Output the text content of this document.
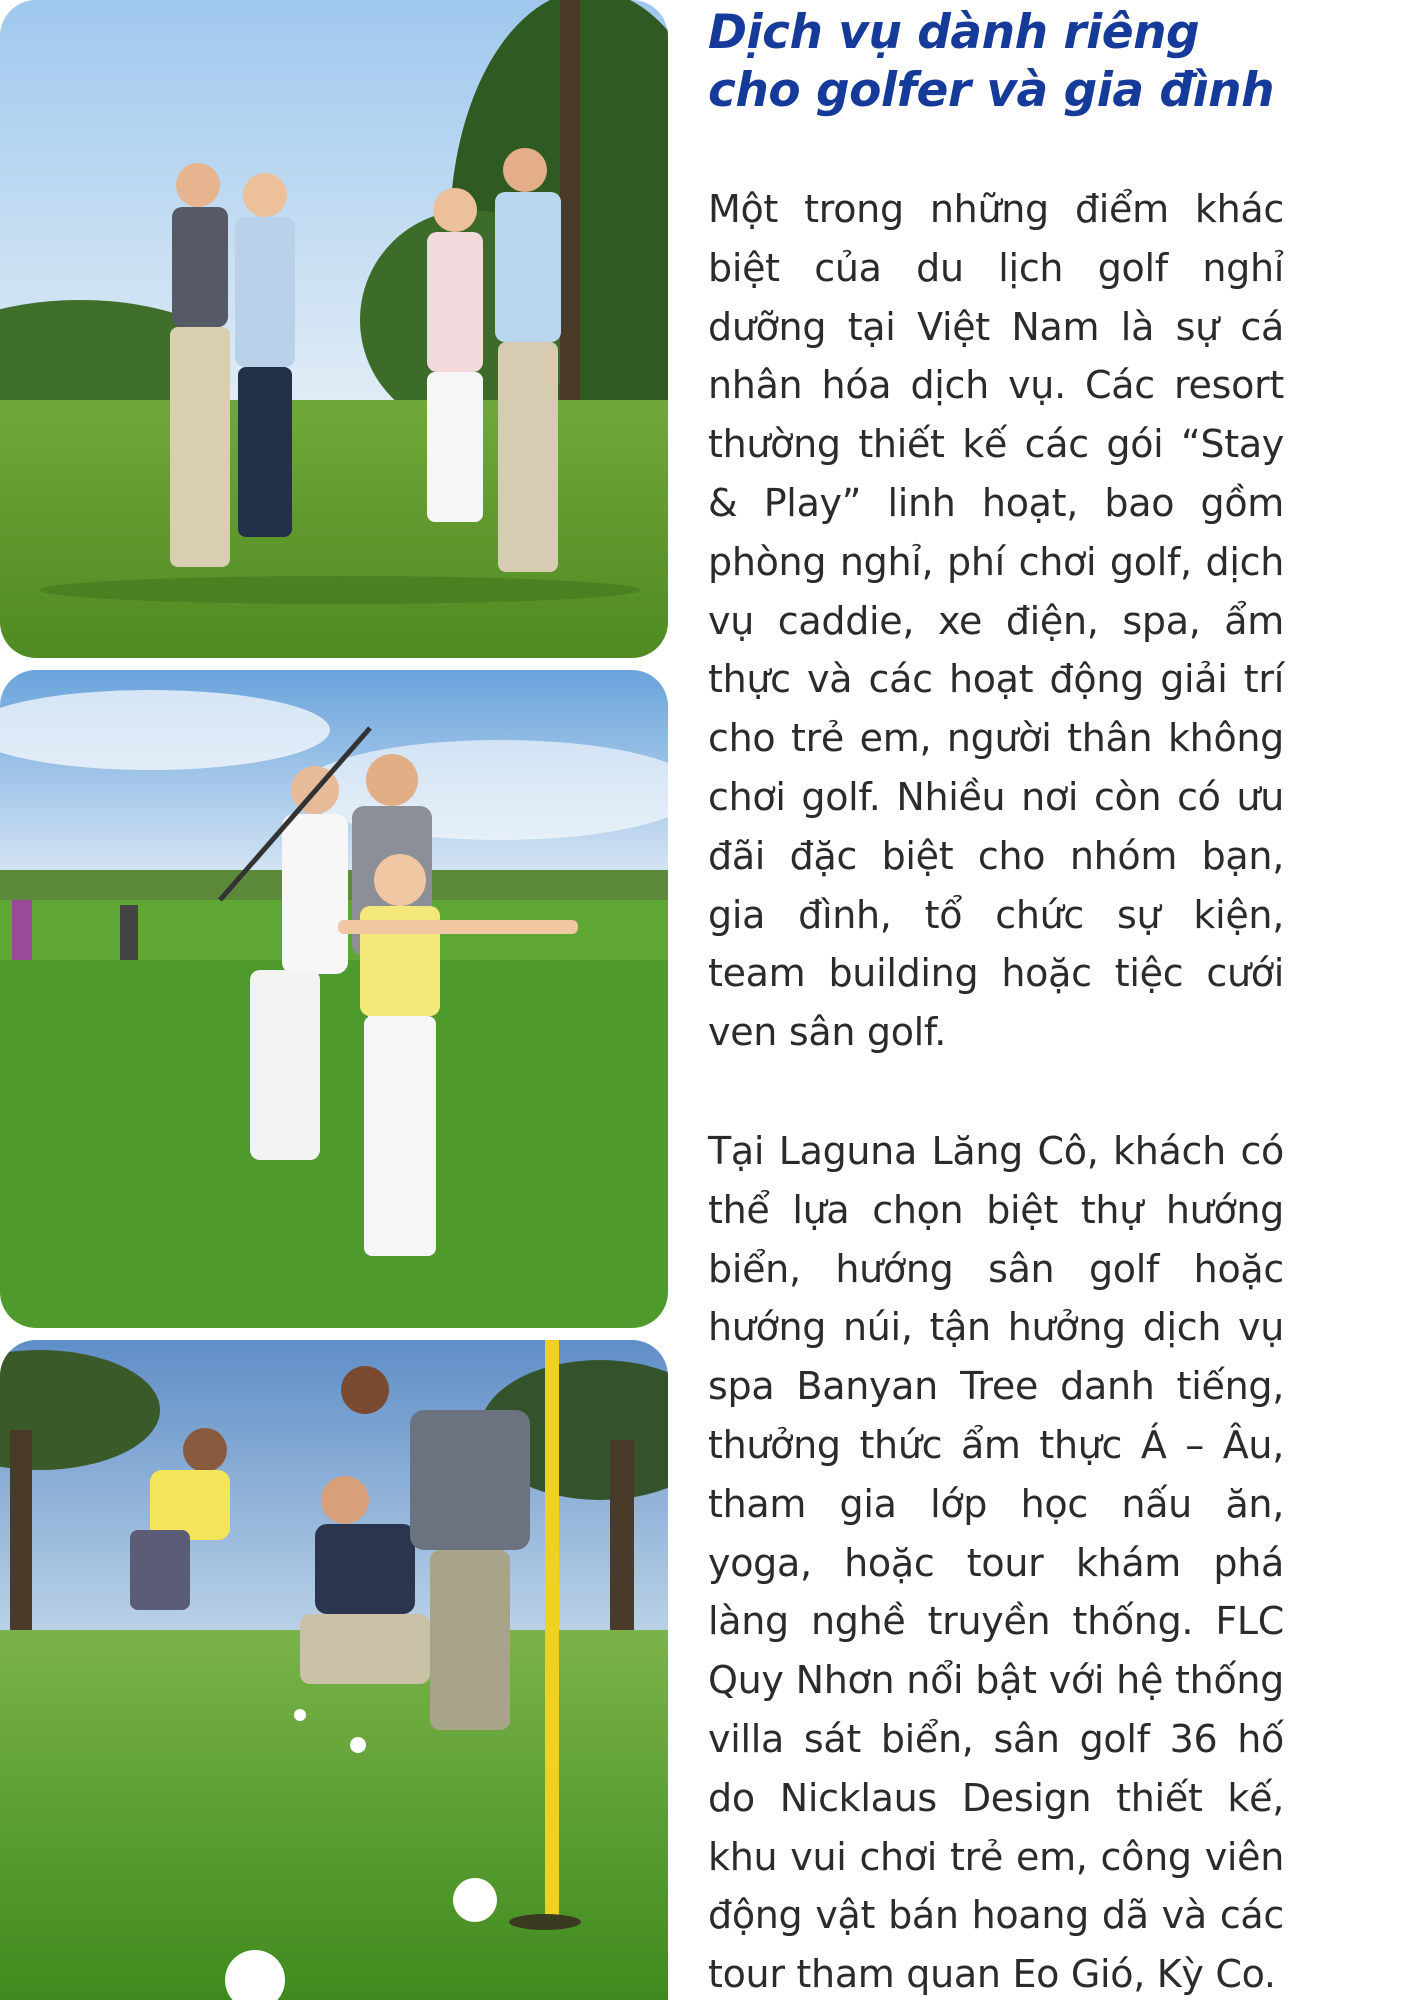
Dịch vụ dành riêng cho golfer và gia đình

Một trong những điểm khác biệt của du lịch golf nghỉ dưỡng tại Việt Nam là sự cá nhân hóa dịch vụ. Các resort thường thiết kế các gói “Stay & Play” linh hoạt, bao gồm phòng nghỉ, phí chơi golf, dịch vụ caddie, xe điện, spa, ẩm thực và các hoạt động giải trí cho trẻ em, người thân không chơi golf. Nhiều nơi còn có ưu đãi đặc biệt cho nhóm bạn, gia đình, tổ chức sự kiện, team building hoặc tiệc cưới ven sân golf.

Tại Laguna Lăng Cô, khách có thể lựa chọn biệt thự hướng biển, hướng sân golf hoặc hướng núi, tận hưởng dịch vụ spa Banyan Tree danh tiếng, thưởng thức ẩm thực Á – Âu, tham gia lớp học nấu ăn, yoga, hoặc tour khám phá làng nghề truyền thống. FLC Quy Nhơn nổi bật với hệ thống villa sát biển, sân golf 36 hố do Nicklaus Design thiết kế, khu vui chơi trẻ em, công viên động vật bán hoang dã và các tour tham quan Eo Gió, Kỳ Co.
